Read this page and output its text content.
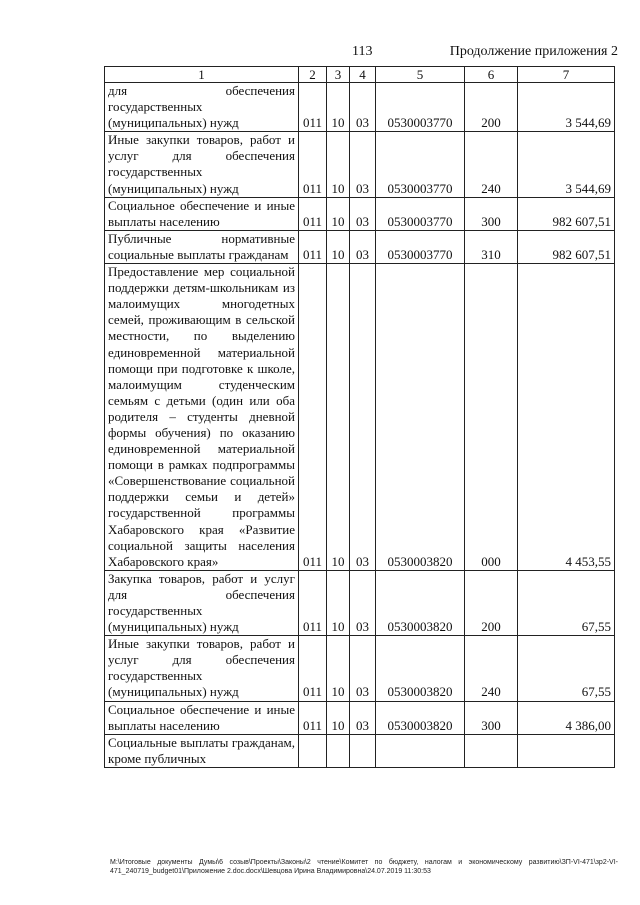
113	Продолжение приложения 2
1	2	3	4	5	6	7
для обеспечения государственных (муниципальных) нужд	011	10	03	0530003770	200	3 544,69
Иные закупки товаров, работ и услуг для обеспечения государственных (муниципальных) нужд	011	10	03	0530003770	240	3 544,69
Социальное обеспечение и иные выплаты населению	011	10	03	0530003770	300	982 607,51
Публичные нормативные социальные выплаты гражданам	011	10	03	0530003770	310	982 607,51
Предоставление мер социальной поддержки детям-школьникам из малоимущих многодетных семей, проживающим в сельской местности, по выделению единовременной материальной помощи при подготовке к школе, малоимущим студенческим семьям с детьми (один или оба родителя – студенты дневной формы обучения) по оказанию единовременной материальной помощи в рамках подпрограммы «Совершенствование социальной поддержки семьи и детей» государственной программы Хабаровского края «Развитие социальной защиты населения Хабаровского края»	011	10	03	0530003820	000	4 453,55
Закупка товаров, работ и услуг для обеспечения государственных (муниципальных) нужд	011	10	03	0530003820	200	67,55
Иные закупки товаров, работ и услуг для обеспечения государственных (муниципальных) нужд	011	10	03	0530003820	240	67,55
Социальное обеспечение и иные выплаты населению	011	10	03	0530003820	300	4 386,00
Социальные выплаты гражданам, кроме публичных						
М:\Итоговые документы Думы\6 созыв\Проекты\Законы\2 чтение\Комитет по бюджету, налогам и экономическому развитию\ЗП-VI-471\зр2-VI-471_240719_budget01\Приложение 2.doc.docx\Шевцова Ирина Владимировна\24.07.2019 11:30:53
